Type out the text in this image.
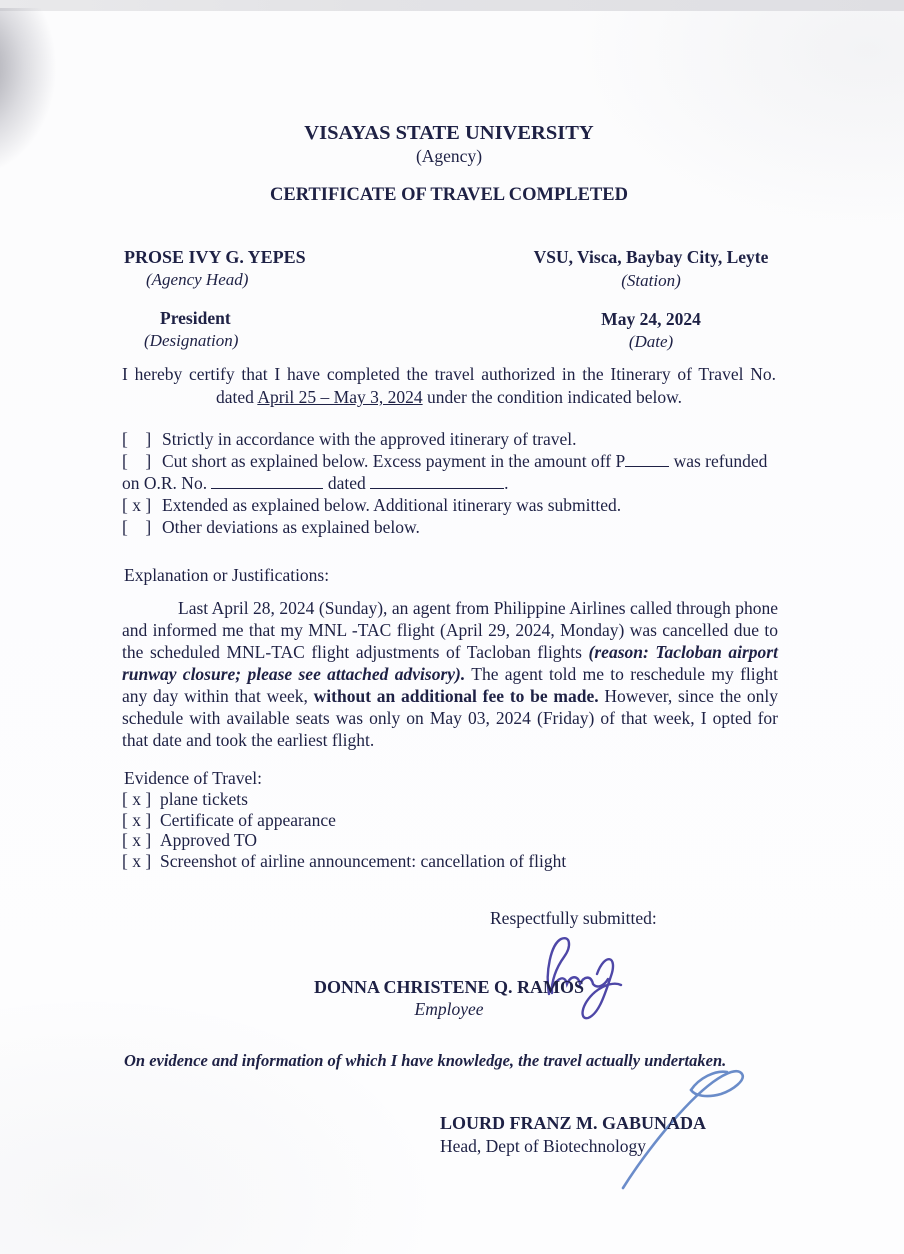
VISAYAS STATE UNIVERSITY
(Agency)
CERTIFICATE OF TRAVEL COMPLETED
PROSE IVY G. YEPES
(Agency Head)
President
(Designation)
VSU, Visca, Baybay City, Leyte
(Station)
May 24, 2024
(Date)
I hereby certify that I have completed the travel authorized in the Itinerary of Travel No.
dated April 25 – May 3, 2024 under the condition indicated below.
[    ] Strictly in accordance with the approved itinerary of travel.
[    ] Cut short as explained below. Excess payment in the amount off P	was refunded
on O.R. No.	dated	.
[ x ] Extended as explained below. Additional itinerary was submitted.
[    ] Other deviations as explained below.
Explanation or Justifications:
Last April 28, 2024 (Sunday), an agent from Philippine Airlines called through phone and informed me that my MNL -TAC flight (April 29, 2024, Monday) was cancelled due to the scheduled MNL-TAC flight adjustments of Tacloban flights (reason: Tacloban airport runway closure; please see attached advisory). The agent told me to reschedule my flight any day within that week, without an additional fee to be made. However, since the only schedule with available seats was only on May 03, 2024 (Friday) of that week, I opted for that date and took the earliest flight.
Evidence of Travel:
[ x ] plane tickets
[ x ] Certificate of appearance
[ x ] Approved TO
[ x ] Screenshot of airline announcement: cancellation of flight
Respectfully submitted:
DONNA CHRISTENE Q. RAMOS
Employee
On evidence and information of which I have knowledge, the travel actually undertaken.
LOURD FRANZ M. GABUNADA
Head, Dept of Biotechnology
